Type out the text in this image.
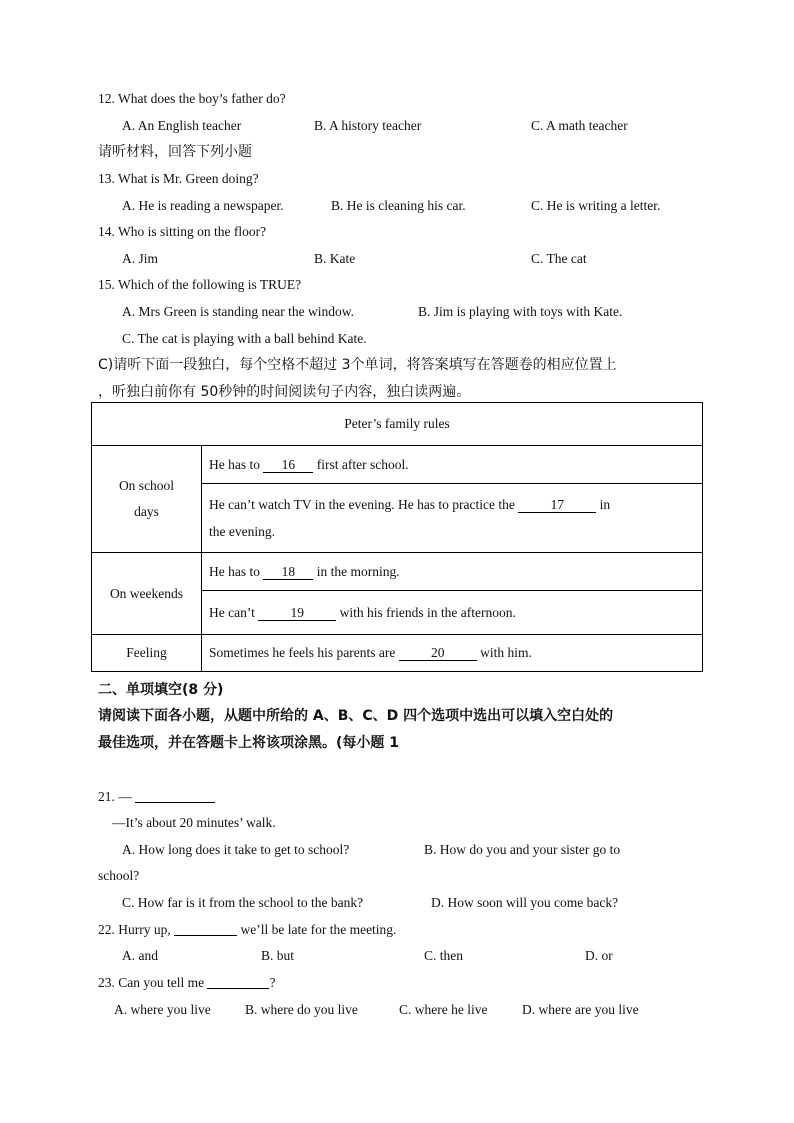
12. What does the boy’s father do?
A. An English teacher	B. A history teacher	C. A math teacher
请听材料，回答下列小题
13. What is Mr. Green doing?
A. He is reading a newspaper.	B. He is cleaning his car.	C. He is writing a letter.
14. Who is sitting on the floor?
A. Jim	B. Kate	C. The cat
15. Which of the following is TRUE?
A. Mrs Green is standing near the window.	B. Jim is playing with toys with Kate.
C. The cat is playing with a ball behind Kate.
C)请听下面一段独白，每个空格不超过 3个单词，将答案填写在答题卷的相应位置上
，听独白前你有 50秒钟的时间阅读句子内容，独白读两遍。
Peter’s family rules	

On school
days	He has to 16 first after school.
	He can’t watch TV in the evening. He has to practice the 17 in
the evening.
On weekends	He has to 18 in the morning.
	He can’t 19 with his friends in the afternoon.
Feeling	Sometimes he feels his parents are 20 with him.
二、单项填空(8 分)
请阅读下面各小题，从题中所给的 A、B、C、D 四个选项中选出可以填入空白处的
最佳选项，并在答题卡上将该项涂黑。(每小题 1
21. —
—It’s about 20 minutes’ walk.
A. How long does it take to get to school?	B. How do you and your sister go to
school?
C. How far is it from the school to the bank?	D. How soon will you come back?
22. Hurry up,	we’ll be late for the meeting.
A. and	B. but	C. then	D. or
23. Can you tell me	?
A. where you live	B. where do you live	C. where he live	D. where are you live
